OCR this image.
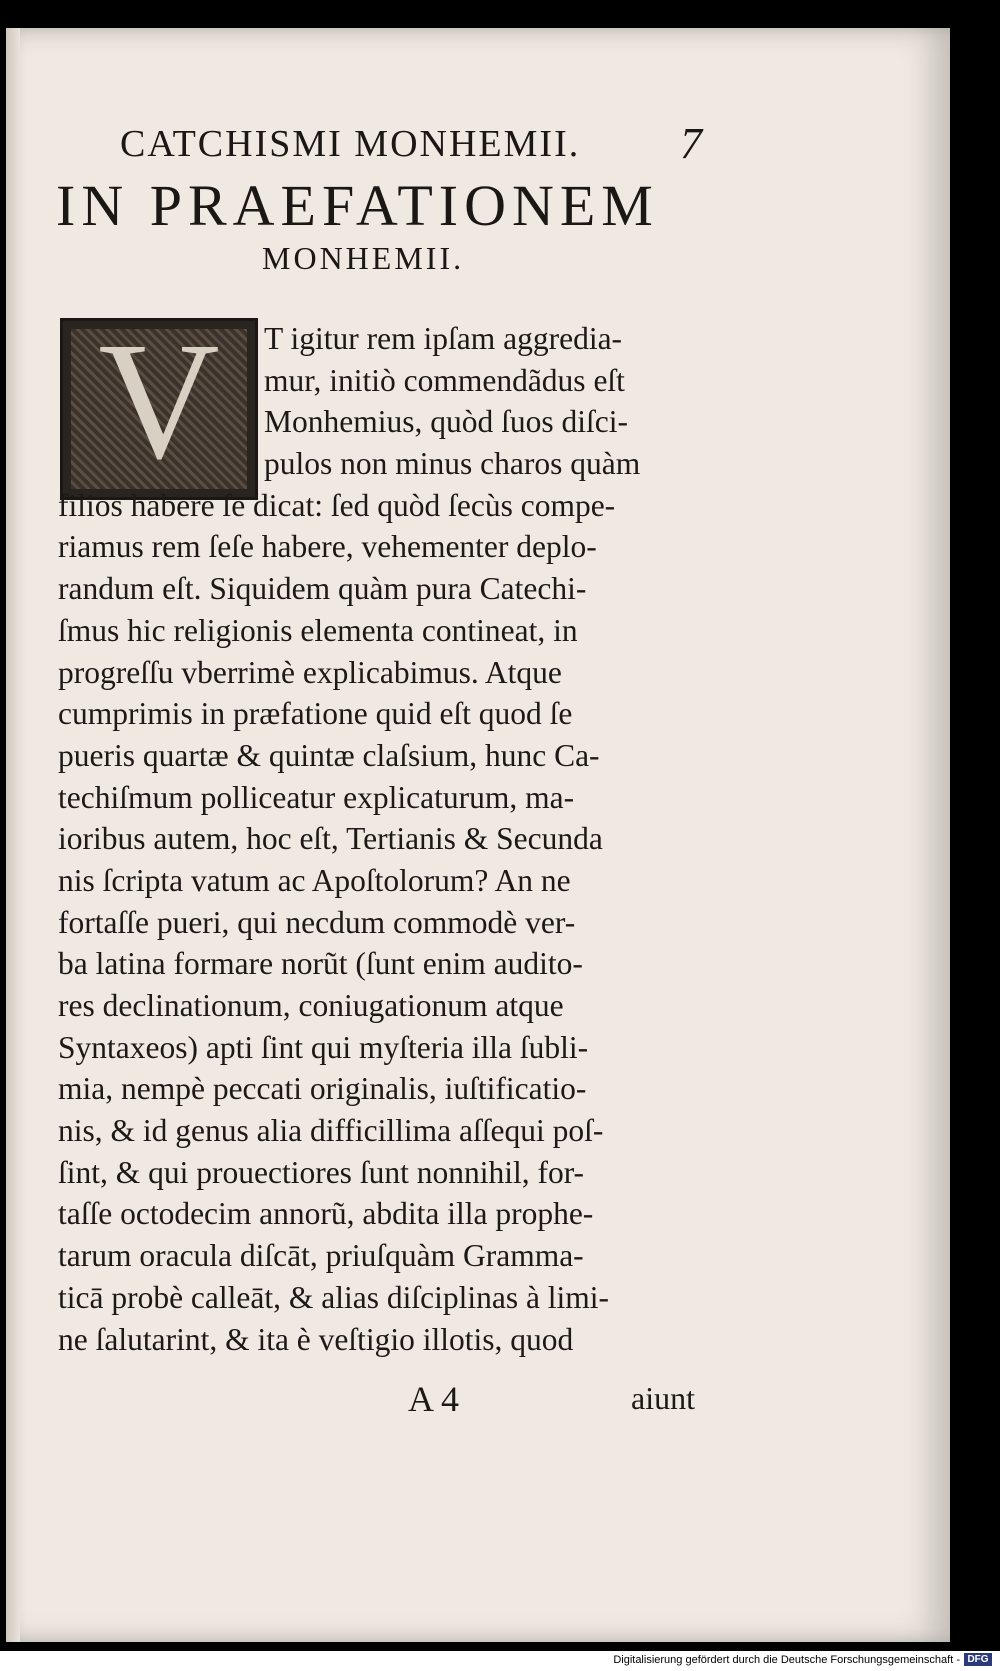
CATCHISMI MONHEMII.	7
IN PRAEFATIONEM
MONHEMII.
V	T igitur rem ipſam aggredia-
mur, initiò commendãdus eſt
Monhemius, quòd ſuos diſci-
pulos non minus charos quàm
filios habere ſe dicat: ſed quòd ſecùs compe-
riamus rem ſeſe habere, vehementer deplo-
randum eſt. Siquidem quàm pura Catechi-
ſmus hic religionis elementa contineat, in
progreſſu vberrimè explicabimus. Atque
cumprimis in præfatione quid eſt quod ſe
pueris quartæ & quintæ claſsium, hunc Ca-
techiſmum polliceatur explicaturum, ma-
ioribus autem, hoc eſt, Tertianis & Secunda
nis ſcripta vatum ac Apoſtolorum? An ne
fortaſſe pueri, qui necdum commodè ver-
ba latina formare norũt (ſunt enim audito-
res declinationum, coniugationum atque
Syntaxeos) apti ſint qui myſteria illa ſubli-
mia, nempè peccati originalis, iuſtificatio-
nis, & id genus alia difficillima aſſequi poſ-
ſint, & qui prouectiores ſunt nonnihil, for-
taſſe octodecim annorũ, abdita illa prophe-
tarum oracula diſcāt, priuſquàm Gramma-
ticā probè calleāt, & alias diſciplinas à limi-
ne ſalutarint, & ita è veſtigio illotis, quod
A 4	aiunt
Digitalisierung gefördert durch die Deutsche Forschungsgemeinschaft - DFG
